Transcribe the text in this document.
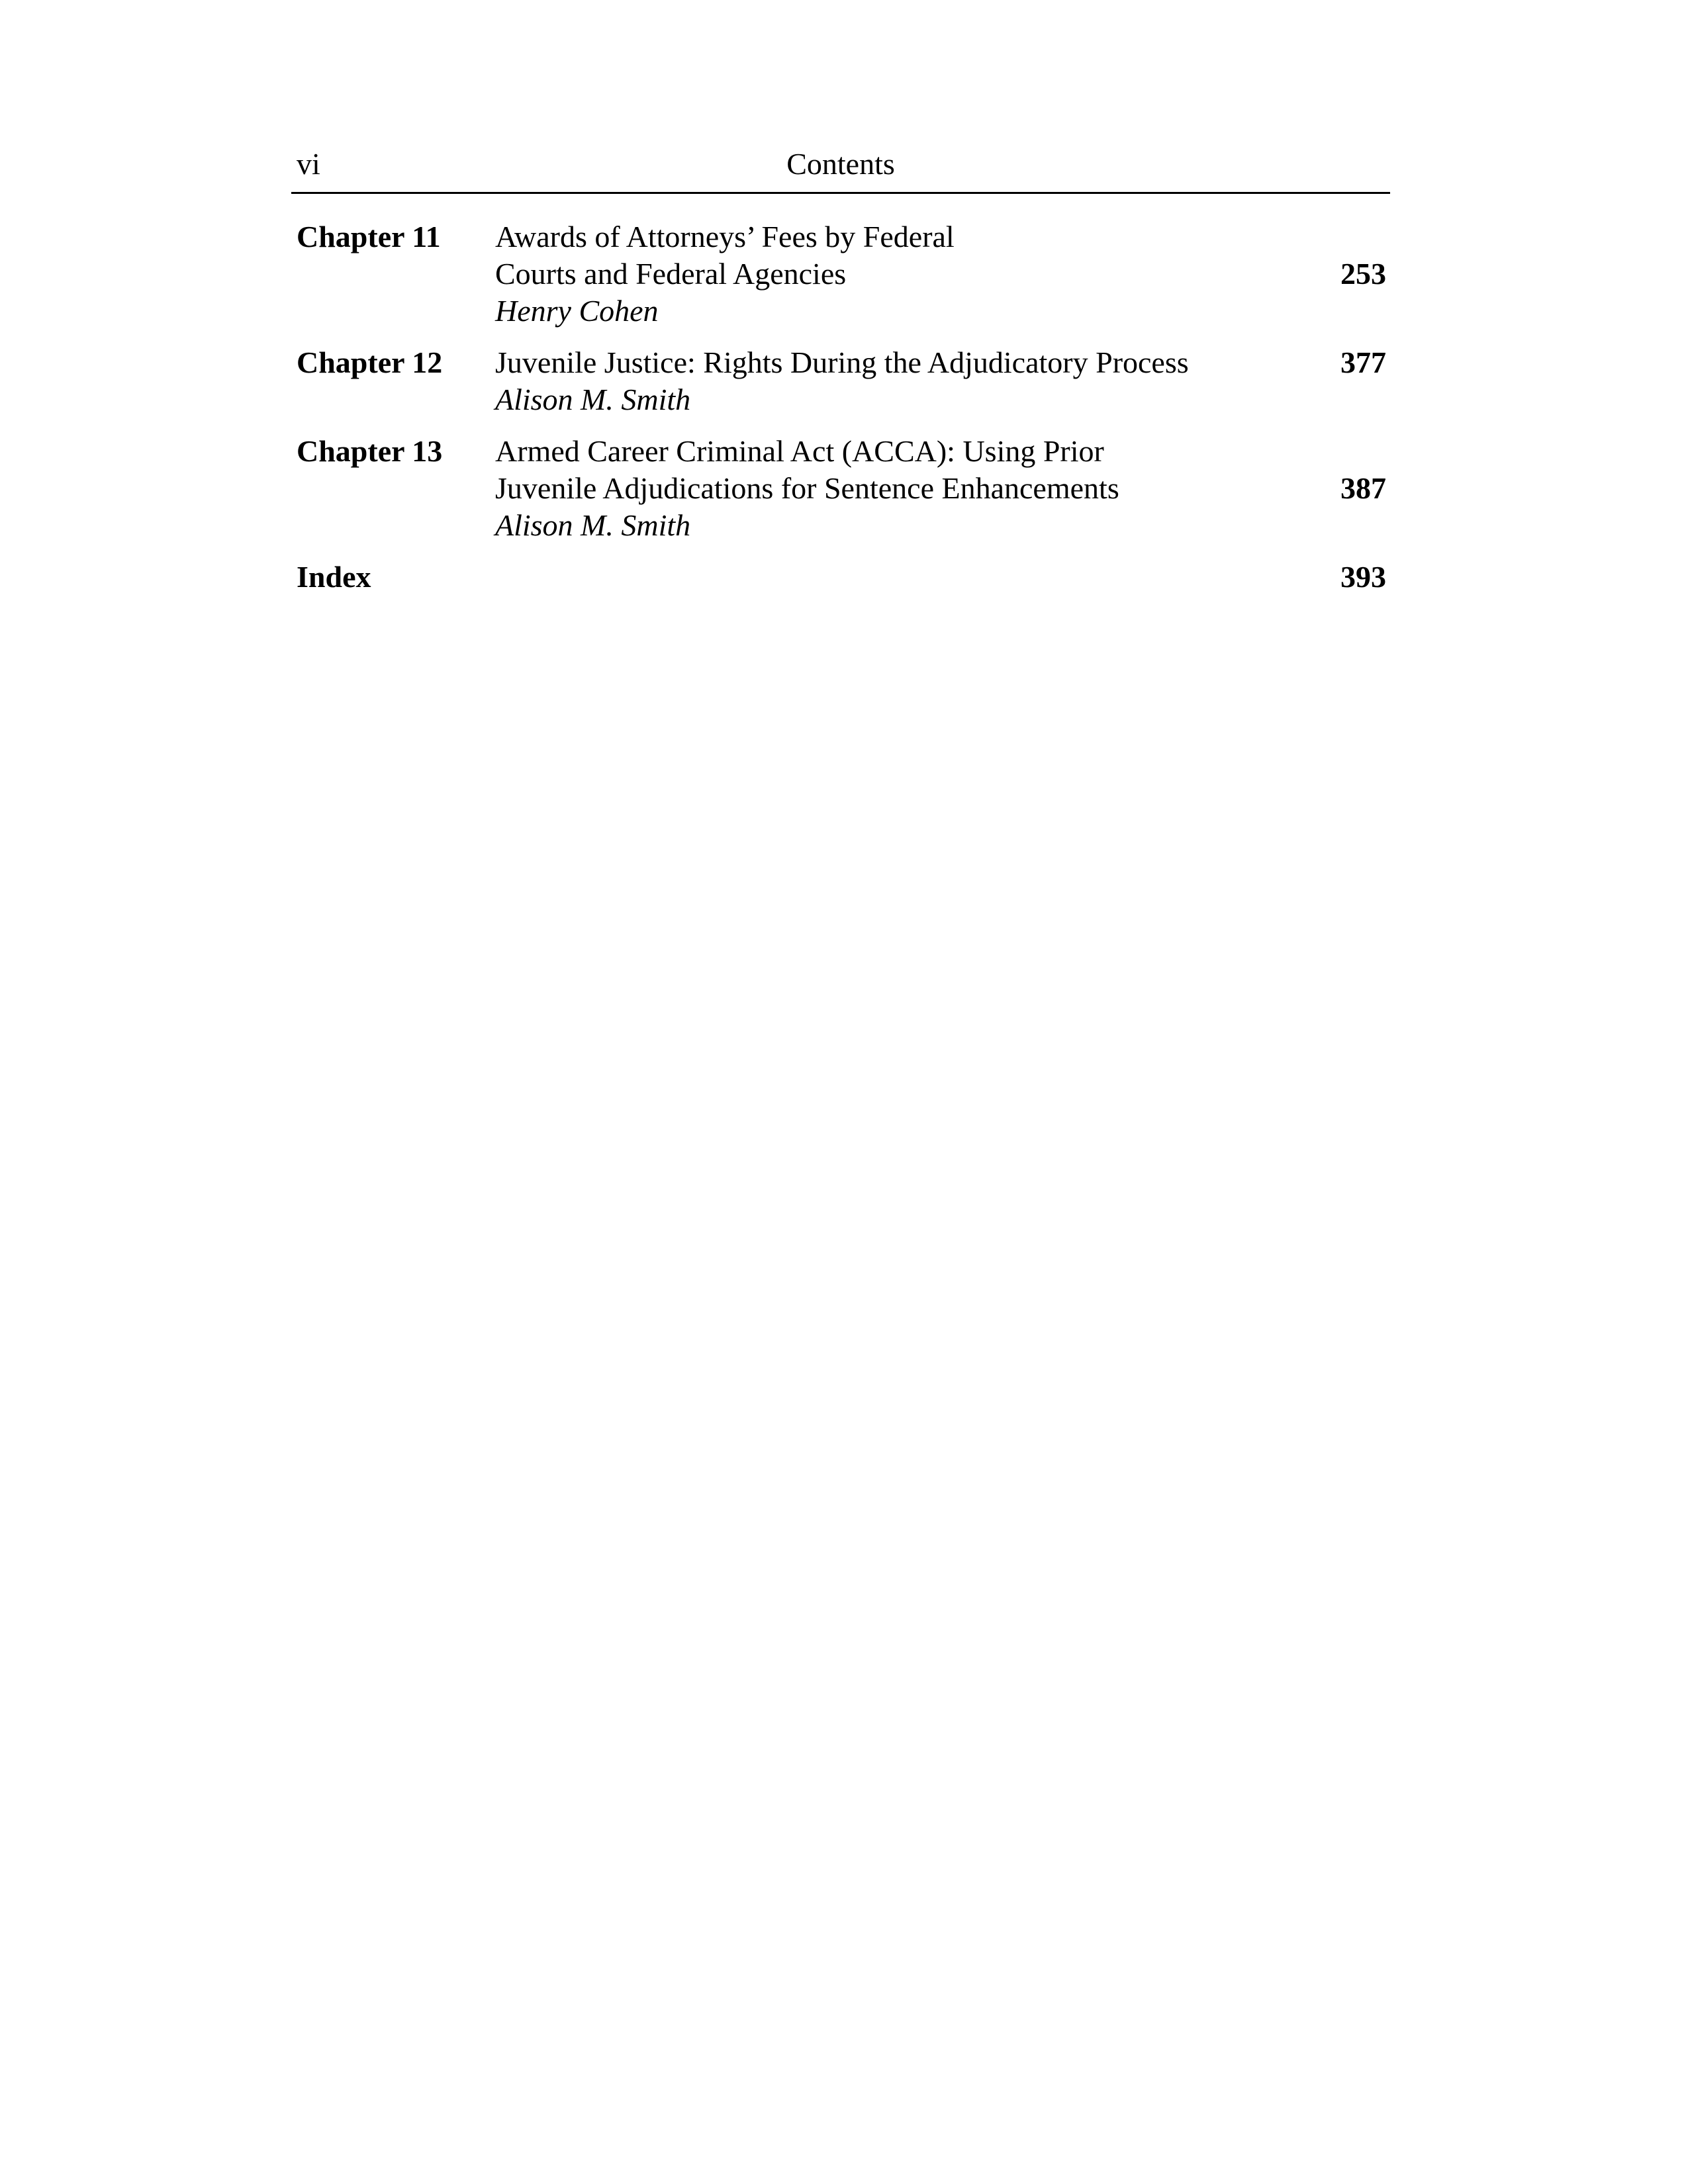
vi	Contents
Chapter 11 Awards of Attorneys’ Fees by Federal
Courts and Federal Agencies
Henry Cohen
253
Chapter 12 Juvenile Justice: Rights During the Adjudicatory Process
Alison M. Smith
377
Chapter 13 Armed Career Criminal Act (ACCA): Using Prior
Juvenile Adjudications for Sentence Enhancements
Alison M. Smith
387
Index	393
